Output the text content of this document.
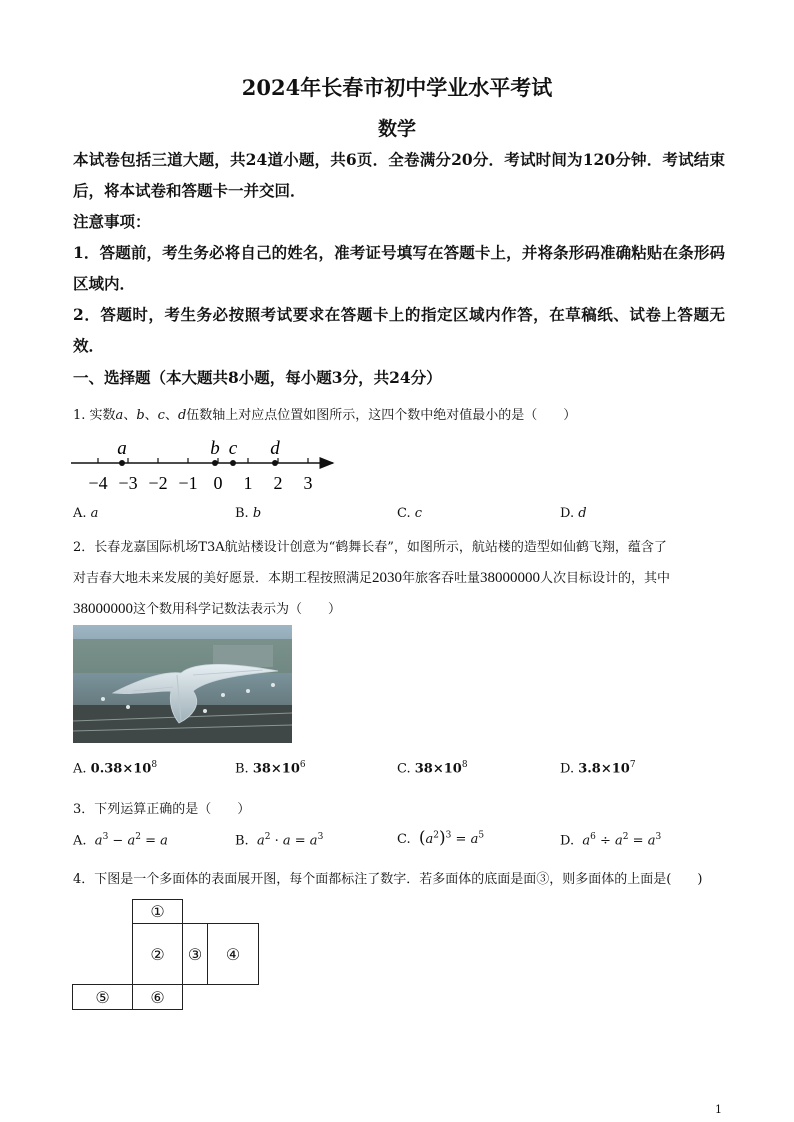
2024年长春市初中学业水平考试
数学
本试卷包括三道大题，共24道小题，共6页．全卷满分20分．考试时间为120分钟．考试结束后，将本试卷和答题卡一并交回．
注意事项：
1．答题前，考生务必将自己的姓名，准考证号填写在答题卡上，并将条形码准确粘贴在条形码区域内．
2．答题时，考生务必按照考试要求在答题卡上的指定区域内作答，在草稿纸、试卷上答题无效．
一、选择题（本大题共8小题，每小题3分，共24分）
1. 实数a、b、c、d伍数轴上对应点位置如图所示，这四个数中绝对值最小的是（　　）
−4 −3 −2 −1 0 1 2 3
a	b c d
A. a	B. b	C. c	D. d
2．长春龙嘉国际机场T3A航站楼设计创意为“鹤舞长春”，如图所示，航站楼的造型如仙鹤飞翔，蕴含了
对吉春大地未来发展的美好愿景．本期工程按照满足2030年旅客吞吐量38000000人次目标设计的，其中
38000000这个数用科学记数法表示为（　　）
A. $0.38\times 10^8$	B. $38\times 10^6$	C. $38\times 10^8$	D. $3.8\times 10^7$
3．下列运算正确的是（　　）
A. $a^3 - a^2 = a$	B. $a^2 \cdot a = a^3$	C. $(a^2)^3 = a^5$	D. $a^6 \div a^2 = a^3$
4．下图是一个多面体的表面展开图，每个面都标注了数字．若多面体的底面是面③，则多面体的上面是(　　)
①
②	③	④
⑤	⑥
1
